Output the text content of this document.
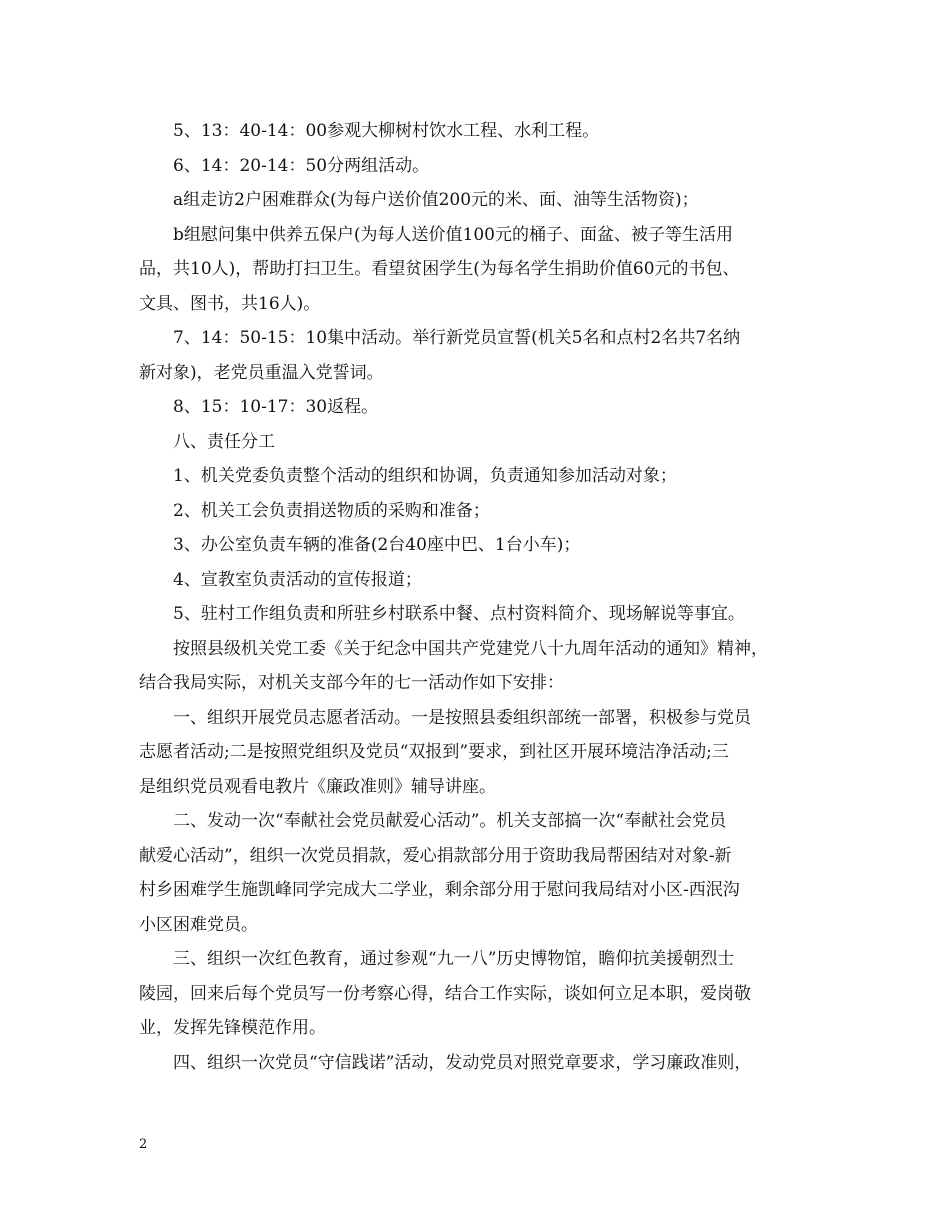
5、13：40-14：00参观大柳树村饮水工程、水利工程。
6、14：20-14：50分两组活动。
a组走访2户困难群众(为每户送价值200元的米、面、油等生活物资)；
b组慰问集中供养五保户(为每人送价值100元的桶子、面盆、被子等生活用
品，共10人)，帮助打扫卫生。看望贫困学生(为每名学生捐助价值60元的书包、
文具、图书，共16人)。
7、14：50-15：10集中活动。举行新党员宣誓(机关5名和点村2名共7名纳
新对象)，老党员重温入党誓词。
8、15：10-17：30返程。
八、责任分工
1、机关党委负责整个活动的组织和协调，负责通知参加活动对象；
2、机关工会负责捐送物质的采购和准备；
3、办公室负责车辆的准备(2台40座中巴、1台小车)；
4、宣教室负责活动的宣传报道；
5、驻村工作组负责和所驻乡村联系中餐、点村资料简介、现场解说等事宜。
按照县级机关党工委《关于纪念中国共产党建党八十九周年活动的通知》精神，
结合我局实际，对机关支部今年的七一活动作如下安排：
一、组织开展党员志愿者活动。一是按照县委组织部统一部署，积极参与党员
志愿者活动;二是按照党组织及党员“双报到”要求，到社区开展环境洁净活动;三
是组织党员观看电教片《廉政准则》辅导讲座。
二、发动一次“奉献社会党员献爱心活动”。机关支部搞一次“奉献社会党员
献爱心活动”，组织一次党员捐款，爱心捐款部分用于资助我局帮困结对对象-新
村乡困难学生施凯峰同学完成大二学业，剩余部分用于慰问我局结对小区-西泯沟
小区困难党员。
三、组织一次红色教育，通过参观“九一八”历史博物馆，瞻仰抗美援朝烈士
陵园，回来后每个党员写一份考察心得，结合工作实际，谈如何立足本职，爱岗敬
业，发挥先锋模范作用。
四、组织一次党员“守信践诺”活动，发动党员对照党章要求，学习廉政准则，
2
